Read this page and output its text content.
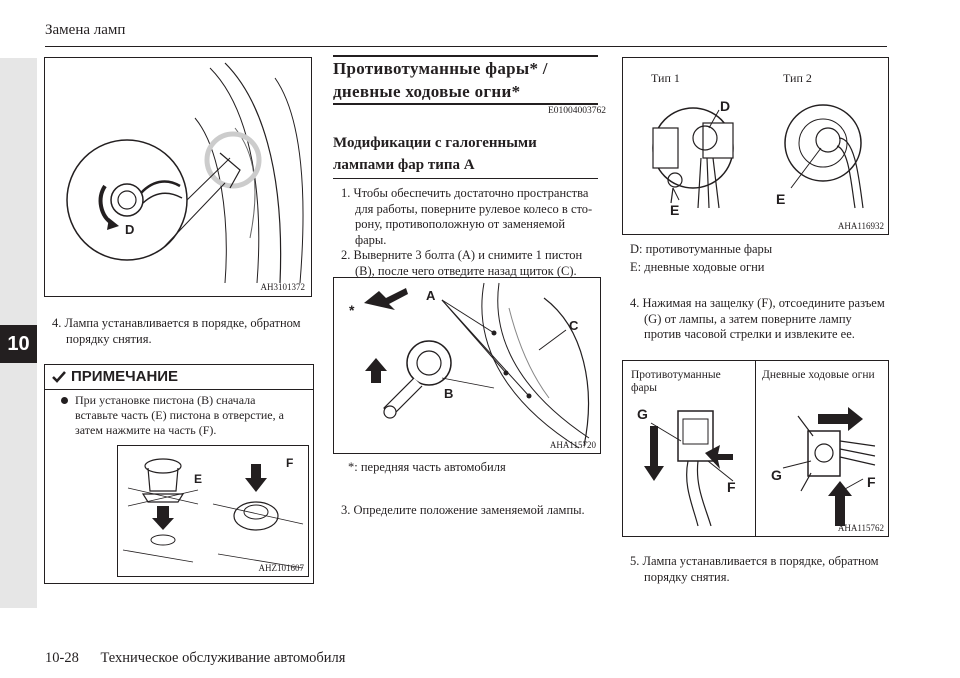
10
Замена ламп
10-28 Техническое обслуживание автомобиля
D
AH3101372

4. Лампа устанавливается в порядке, обратном порядку снятия.

ПРИМЕЧАНИЕ
При установке пистона (B) сначала вставьте часть (E) пистона в отверстие, а затем нажмите на часть (F).
E
F
AHZ101607
Противотуманные фары* /
дневные ходовые огни*
E01004003762
Модификации с галогенными
лампами фар типа A

1. Чтобы обеспечить достаточно пространства для работы, поверните рулевое колесо в сто-рону, противоположную от заменяемой фары.

2. Выверните 3 болта (A) и снимите 1 пистон (B), после чего отведите назад щиток (C).

*
A
C
B
AHA115720
*: передняя часть автомобиля
3. Определите положение заменяемой лампы.
Тип 1	Тип 2
D
E
E
AHA116932
D: противотуманные фары
E: дневные ходовые огни

4. Нажимая на защелку (F), отсоедините разъем (G) от лампы, а затем поверните лампу против часовой стрелки и извлеките ее.

Противотуманные фары
Дневные ходовые огни
G
F
G	F
AHA115762

5. Лампа устанавливается в порядке, обратном порядку снятия.
